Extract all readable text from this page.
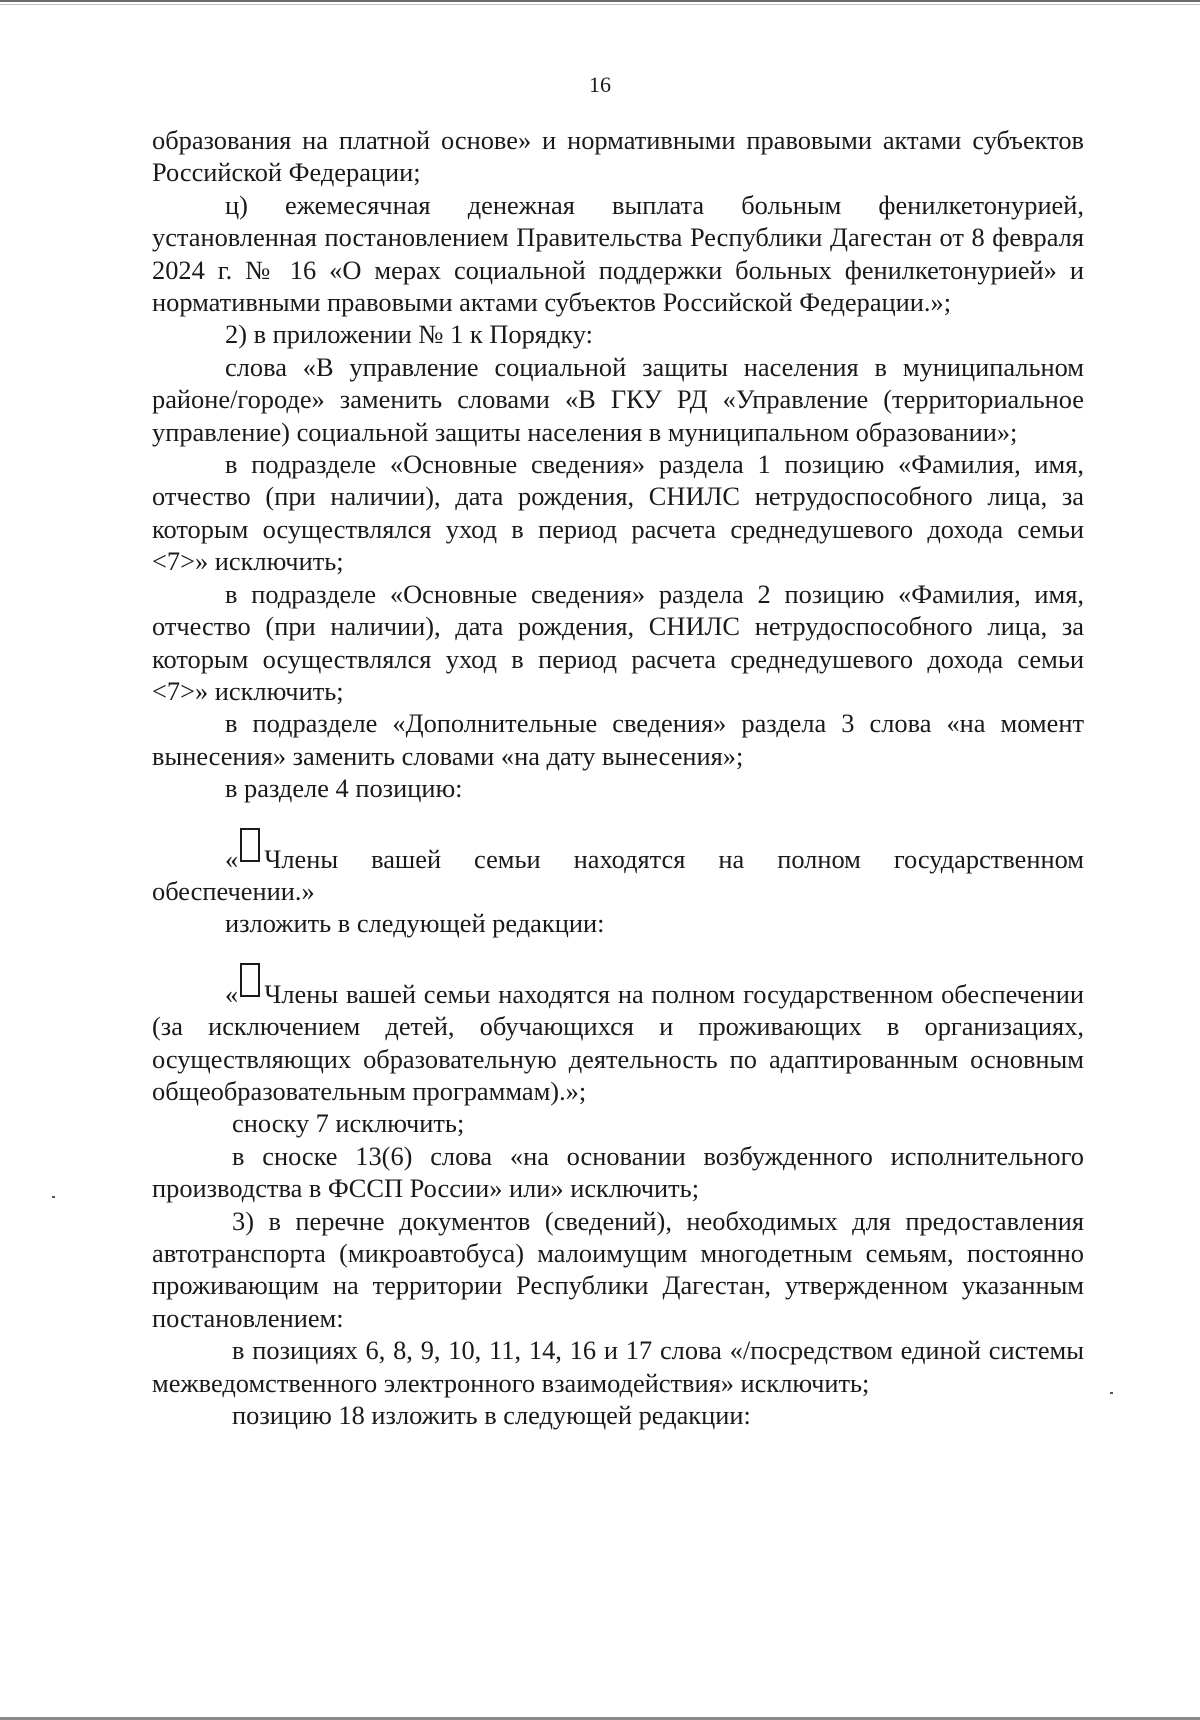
16

образования на платной основе» и нормативными правовыми актами субъектов Российской Федерации;

ц) ежемесячная денежная выплата больным фенилкетонурией, установленная постановлением Правительства Республики Дагестан от 8 февраля 2024 г. № 16 «О мерах социальной поддержки больных фенилкетонурией» и нормативными правовыми актами субъектов Российской Федерации.»;

2) в приложении № 1 к Порядку:

слова «В управление социальной защиты населения в муниципальном районе/городе» заменить словами «В ГКУ РД «Управление (территориальное управление) социальной защиты населения в муниципальном образовании»;

в подразделе «Основные сведения» раздела 1 позицию «Фамилия, имя, отчество (при наличии), дата рождения, СНИЛС нетрудоспособного лица, за которым осуществлялся уход в период расчета среднедушевого дохода семьи <7>» исключить;

в подразделе «Основные сведения» раздела 2 позицию «Фамилия, имя, отчество (при наличии), дата рождения, СНИЛС нетрудоспособного лица, за которым осуществлялся уход в период расчета среднедушевого дохода семьи <7>» исключить;

в подразделе «Дополнительные сведения» раздела 3 слова «на момент вынесения» заменить словами «на дату вынесения»;

в разделе 4 позицию:

« Члены вашей семьи находятся на полном государственном обеспечении.»

изложить в следующей редакции:

« Члены вашей семьи находятся на полном государственном обеспечении (за исключением детей, обучающихся и проживающих в организациях, осуществляющих образовательную деятельность по адаптированным основным общеобразовательным программам).»;

сноску 7 исключить;

в сноске 13(6) слова «на основании возбужденного исполнительного производства в ФССП России» или» исключить;

3) в перечне документов (сведений), необходимых для предоставления автотранспорта (микроавтобуса) малоимущим многодетным семьям, постоянно проживающим на территории Республики Дагестан, утвержденном указанным постановлением:

в позициях 6, 8, 9, 10, 11, 14, 16 и 17 слова «/посредством единой системы межведомственного электронного взаимодействия» исключить;

позицию 18 изложить в следующей редакции:
